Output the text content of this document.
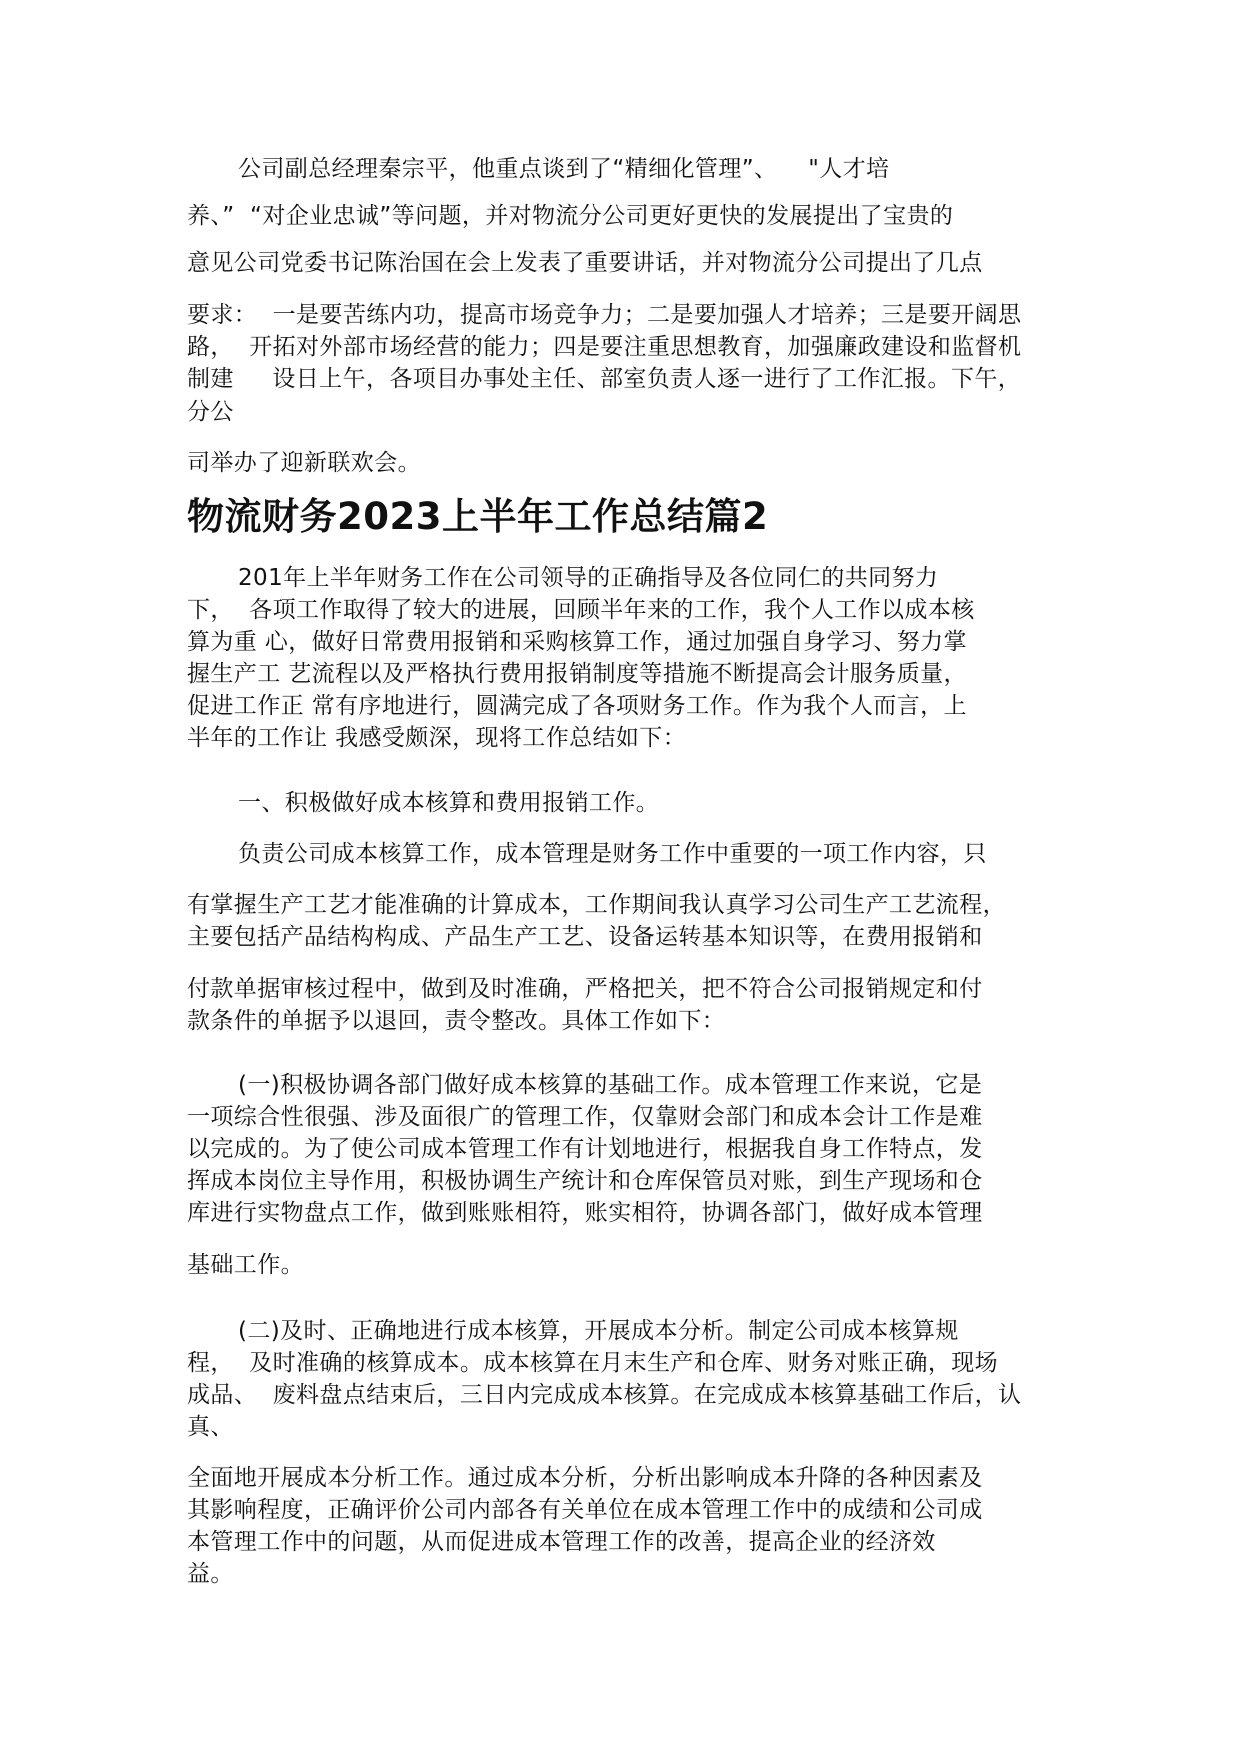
公司副总经理秦宗平，他重点谈到了“精细化管理”、    "人才培

养、”  “对企业忠诚”等问题，并对物流分公司更好更快的发展提出了宝贵的

意见公司党委书记陈治国在会上发表了重要讲话，并对物流分公司提出了几点

要求：  一是要苦练内功，提高市场竞争力；二是要加强人才培养；三是要开阔思

路，  开拓对外部市场经营的能力；四是要注重思想教育，加强廉政建设和监督机

制建     设日上午，各项目办事处主任、部室负责人逐一进行了工作汇报。下午，

分公

司举办了迎新联欢会。

物流财务2023上半年工作总结篇2

201年上半年财务工作在公司领导的正确指导及各位同仁的共同努力

下，  各项工作取得了较大的进展，回顾半年来的工作，我个人工作以成本核

算为重 心，做好日常费用报销和采购核算工作，通过加强自身学习、努力掌

握生产工 艺流程以及严格执行费用报销制度等措施不断提高会计服务质量，

促进工作正 常有序地进行，圆满完成了各项财务工作。作为我个人而言，上

半年的工作让 我感受颇深，现将工作总结如下：

一、积极做好成本核算和费用报销工作。

负责公司成本核算工作，成本管理是财务工作中重要的一项工作内容，只

有掌握生产工艺才能准确的计算成本，工作期间我认真学习公司生产工艺流程，

主要包括产品结构构成、产品生产工艺、设备运转基本知识等，在费用报销和

付款单据审核过程中，做到及时准确，严格把关，把不符合公司报销规定和付

款条件的单据予以退回，责令整改。具体工作如下：

(一)积极协调各部门做好成本核算的基础工作。成本管理工作来说，它是

一项综合性很强、涉及面很广的管理工作，仅靠财会部门和成本会计工作是难

以完成的。为了使公司成本管理工作有计划地进行，根据我自身工作特点，发

挥成本岗位主导作用，积极协调生产统计和仓库保管员对账，到生产现场和仓

库进行实物盘点工作，做到账账相符，账实相符，协调各部门，做好成本管理

基础工作。

(二)及时、正确地进行成本核算，开展成本分析。制定公司成本核算规

程，  及时准确的核算成本。成本核算在月末生产和仓库、财务对账正确，现场

成品、  废料盘点结束后，三日内完成成本核算。在完成成本核算基础工作后，认

真、

全面地开展成本分析工作。通过成本分析，分析出影响成本升降的各种因素及

其影响程度，正确评价公司内部各有关单位在成本管理工作中的成绩和公司成

本管理工作中的问题，从而促进成本管理工作的改善，提高企业的经济效

益。
